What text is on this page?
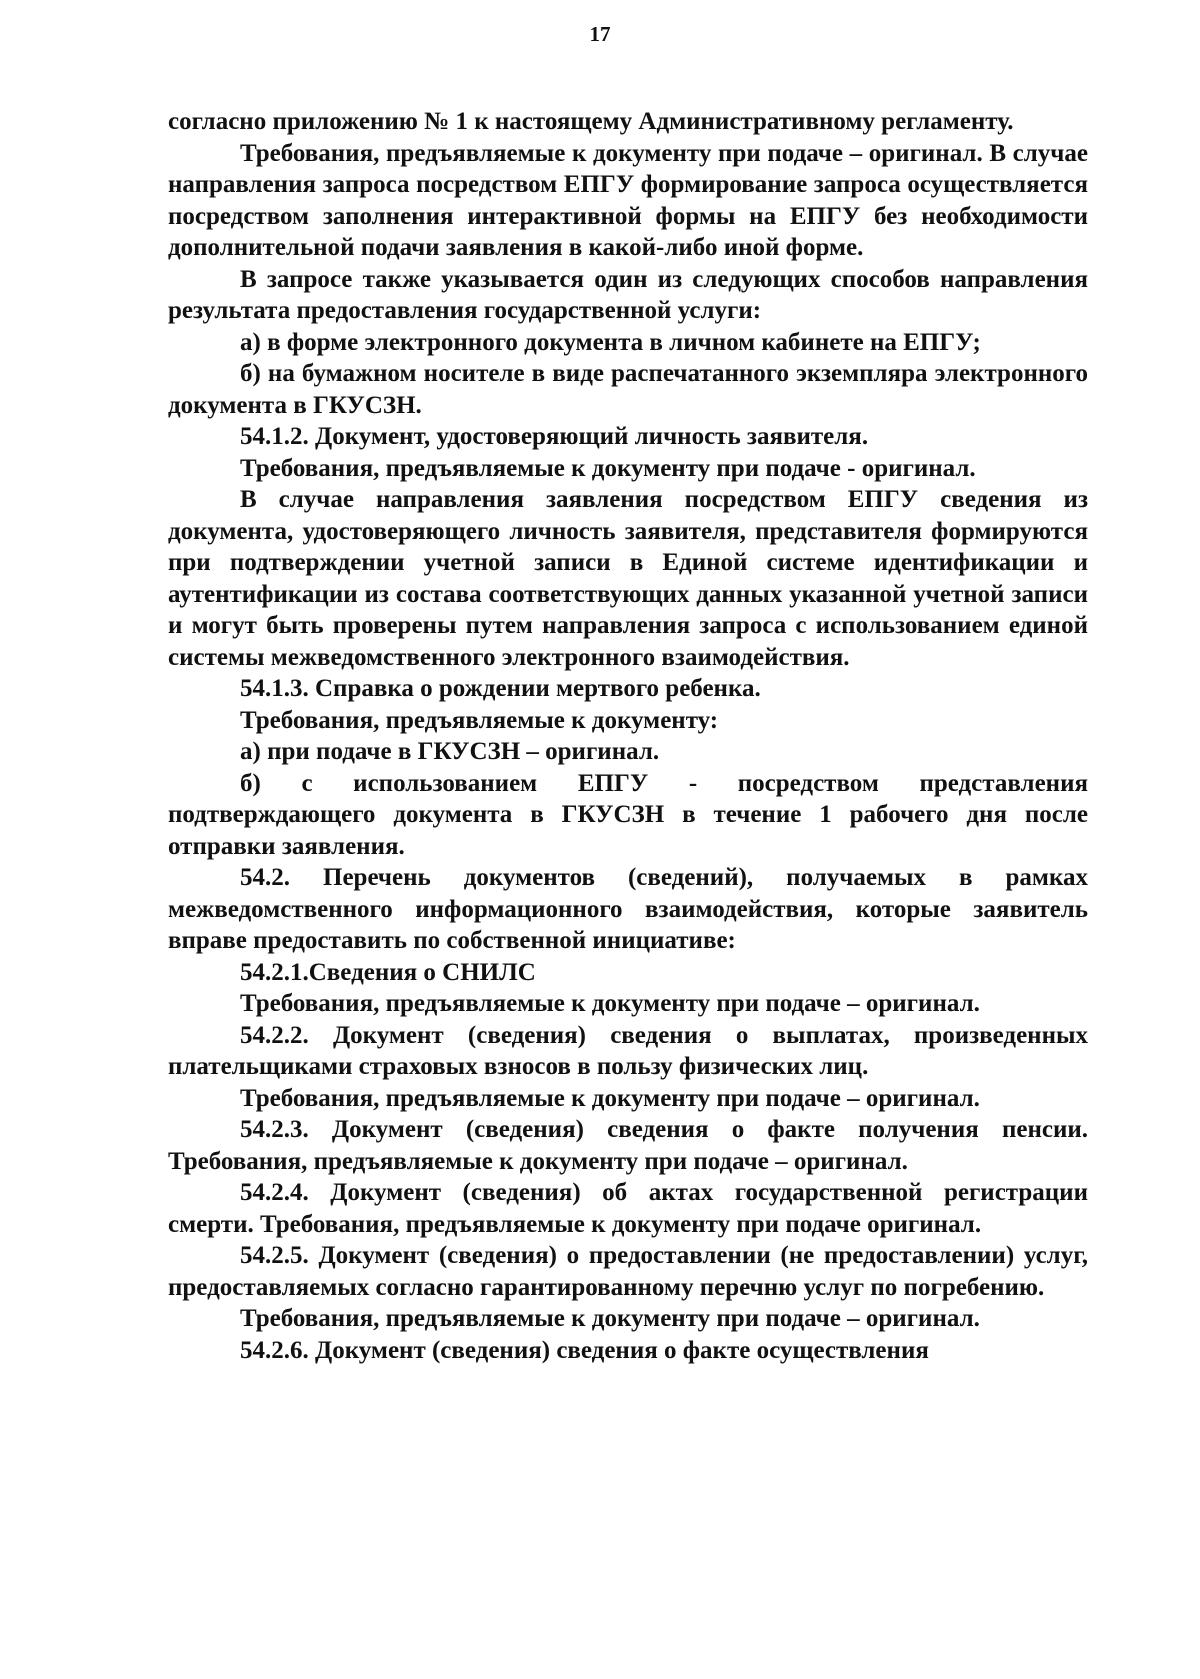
17

согласно приложению № 1 к настоящему Административному регламенту.

Требования, предъявляемые к документу при подаче – оригинал. В случае направления запроса посредством ЕПГУ формирование запроса осуществляется посредством заполнения интерактивной формы на ЕПГУ без необходимости дополнительной подачи заявления в какой-либо иной форме.

В запросе также указывается один из следующих способов направления результата предоставления государственной услуги:

а) в форме электронного документа в личном кабинете на ЕПГУ;

б) на бумажном носителе в виде распечатанного экземпляра электронного документа в ГКУСЗН.

54.1.2. Документ, удостоверяющий личность заявителя.

Требования, предъявляемые к документу при подаче - оригинал.

В случае направления заявления посредством ЕПГУ сведения из документа, удостоверяющего личность заявителя, представителя формируются при подтверждении учетной записи в Единой системе идентификации и аутентификации из состава соответствующих данных указанной учетной записи и могут быть проверены путем направления запроса с использованием единой системы межведомственного электронного взаимодействия.

54.1.3. Справка о рождении мертвого ребенка.

Требования, предъявляемые к документу:

а) при подаче в ГКУСЗН – оригинал.

б) с использованием ЕПГУ - посредством представления подтверждающего документа в ГКУСЗН в течение 1 рабочего дня после отправки заявления.

54.2. Перечень документов (сведений), получаемых в рамках межведомственного информационного взаимодействия, которые заявитель вправе предоставить по собственной инициативе:

54.2.1.Сведения о СНИЛС

Требования, предъявляемые к документу при подаче – оригинал.

54.2.2. Документ (сведения) сведения о выплатах, произведенных плательщиками страховых взносов в пользу физических лиц.

Требования, предъявляемые к документу при подаче – оригинал.

54.2.3. Документ (сведения) сведения о факте получения пенсии. Требования, предъявляемые к документу при подаче – оригинал.

54.2.4. Документ (сведения) об актах государственной регистрации смерти. Требования, предъявляемые к документу при подаче оригинал.

54.2.5. Документ (сведения) о предоставлении (не предоставлении) услуг, предоставляемых согласно гарантированному перечню услуг по погребению.

Требования, предъявляемые к документу при подаче – оригинал.

54.2.6. Документ (сведения) сведения о факте осуществления
